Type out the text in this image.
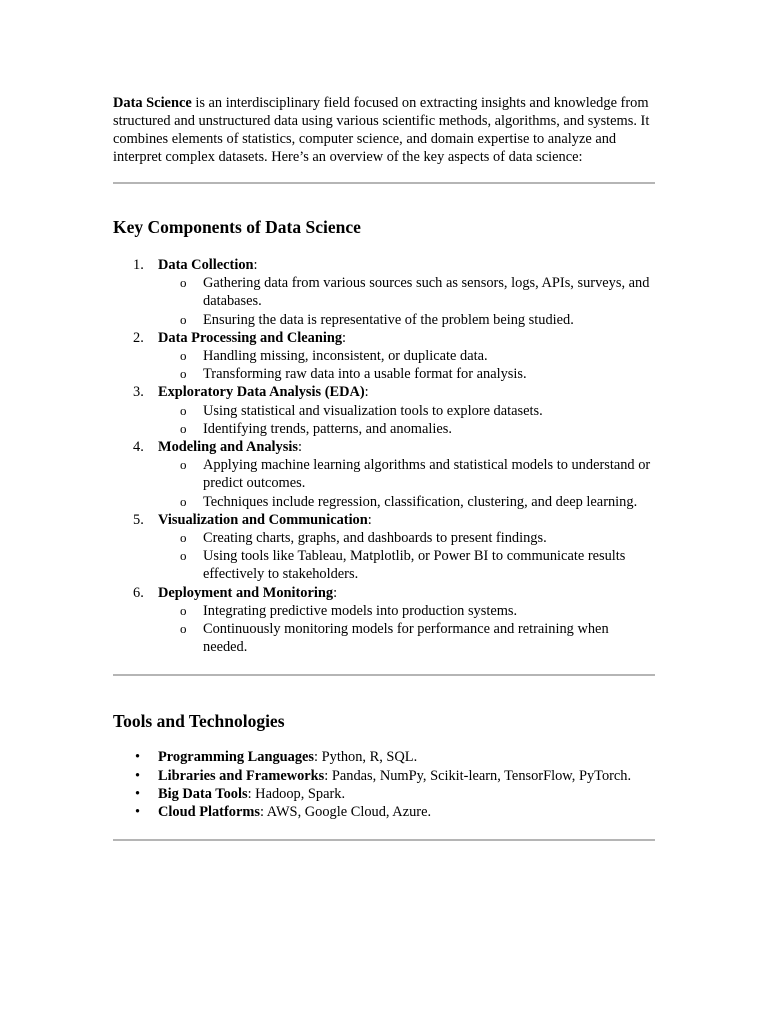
Data Science is an interdisciplinary field focused on extracting insights and knowledge from structured and unstructured data using various scientific methods, algorithms, and systems. It combines elements of statistics, computer science, and domain expertise to analyze and interpret complex datasets. Here’s an overview of the key aspects of data science:

Key Components of Data Science
1. Data Collection:
o Gathering data from various sources such as sensors, logs, APIs, surveys, and databases.
o Ensuring the data is representative of the problem being studied.
2. Data Processing and Cleaning:
o Handling missing, inconsistent, or duplicate data.
o Transforming raw data into a usable format for analysis.
3. Exploratory Data Analysis (EDA):
o Using statistical and visualization tools to explore datasets.
o Identifying trends, patterns, and anomalies.
4. Modeling and Analysis:
o Applying machine learning algorithms and statistical models to understand or predict outcomes.
o Techniques include regression, classification, clustering, and deep learning.
5. Visualization and Communication:
o Creating charts, graphs, and dashboards to present findings.
o Using tools like Tableau, Matplotlib, or Power BI to communicate results effectively to stakeholders.
6. Deployment and Monitoring:
o Integrating predictive models into production systems.
o Continuously monitoring models for performance and retraining when needed.
Tools and Technologies
• Programming Languages: Python, R, SQL.
• Libraries and Frameworks: Pandas, NumPy, Scikit-learn, TensorFlow, PyTorch.
• Big Data Tools: Hadoop, Spark.
• Cloud Platforms: AWS, Google Cloud, Azure.
